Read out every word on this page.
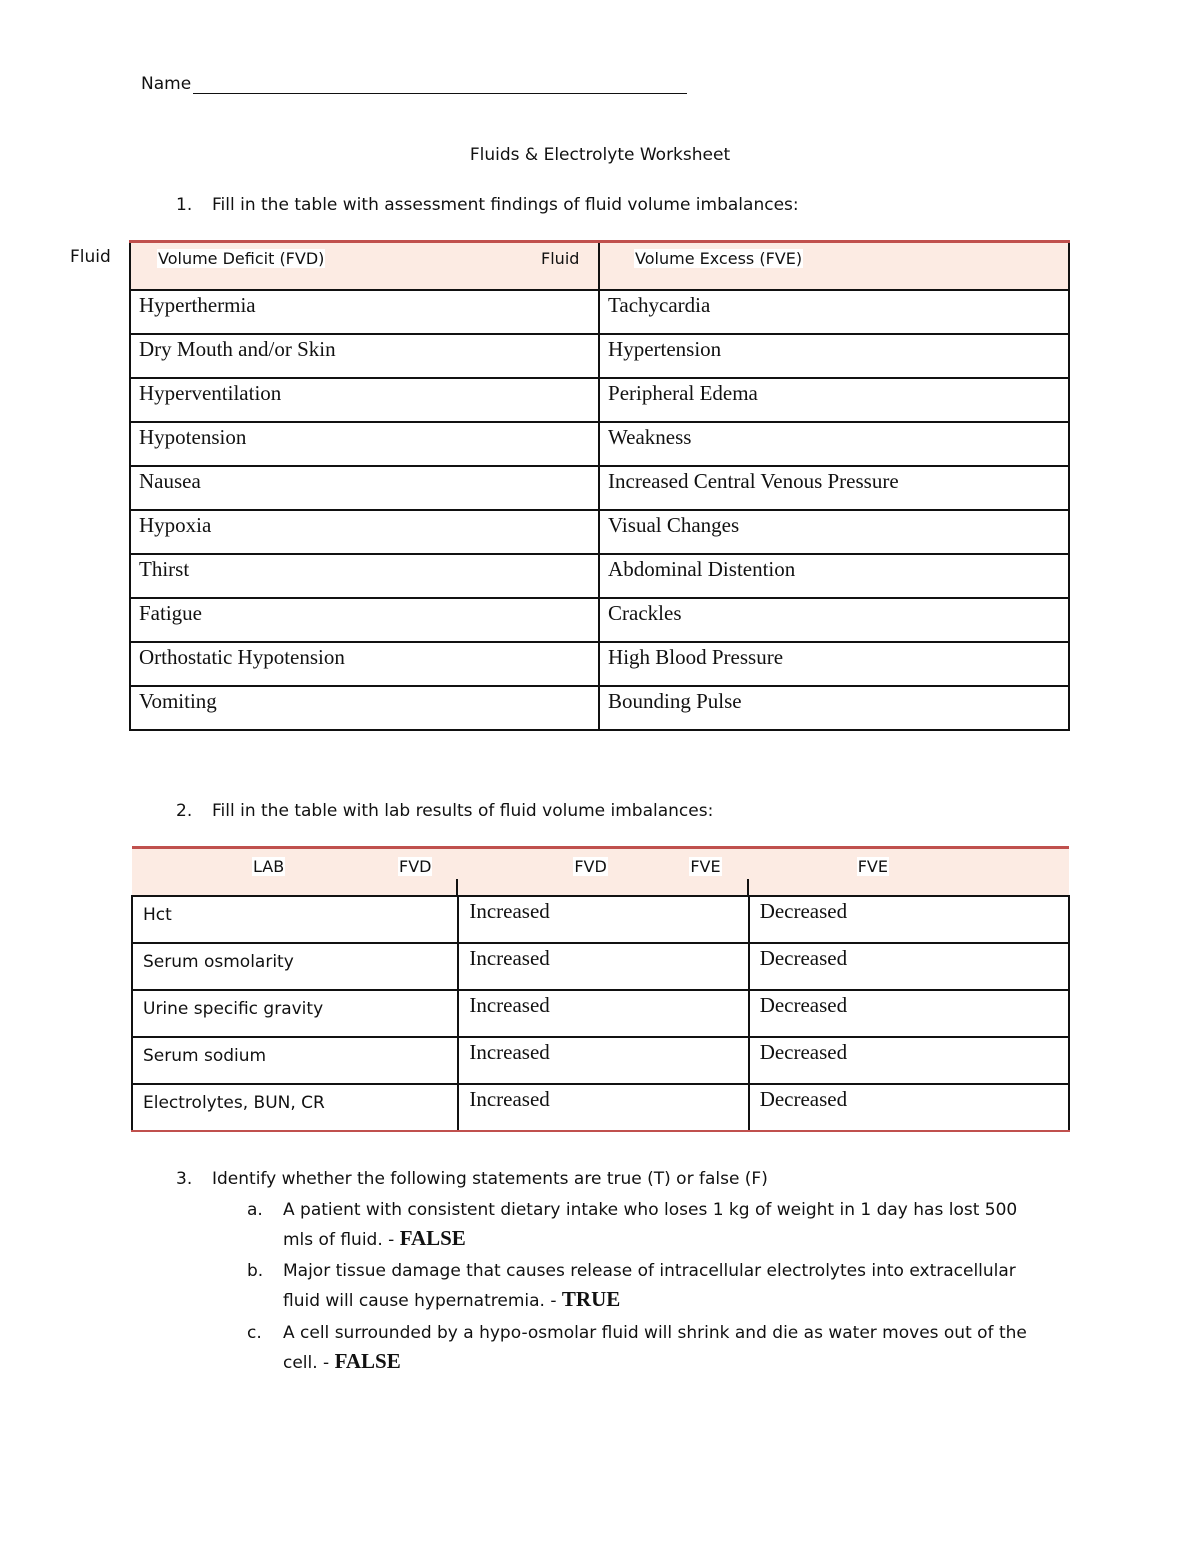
Name
Fluids & Electrolyte Worksheet
1.	Fill in the table with assessment findings of fluid volume imbalances:
Fluid	Volume Deficit (FVD)	Volume Excess (FVE)
Fluid

Hyperthermia	Tachycardia
Dry Mouth and/or Skin	Hypertension
Hyperventilation	Peripheral Edema
Hypotension	Weakness
Nausea	Increased Central Venous Pressure
Hypoxia	Visual Changes
Thirst	Abdominal Distention
Fatigue	Crackles
Orthostatic Hypotension	High Blood Pressure
Vomiting	Bounding Pulse
2.	Fill in the table with lab results of fluid volume imbalances:
LAB FVD	FVD FVE	FVE

Hct	Increased	Decreased
Serum osmolarity	Increased	Decreased
Urine specific gravity	Increased	Decreased
Serum sodium	Increased	Decreased
Electrolytes, BUN, CR	Increased	Decreased
3.	Identify whether the following statements are true (T) or false (F)
a.	A patient with consistent dietary intake who loses 1 kg of weight in 1 day has lost 500
mls of fluid. - FALSE
b.	Major tissue damage that causes release of intracellular electrolytes into extracellular
fluid will cause hypernatremia. - TRUE
c.	A cell surrounded by a hypo-osmolar fluid will shrink and die as water moves out of the
cell. - FALSE
